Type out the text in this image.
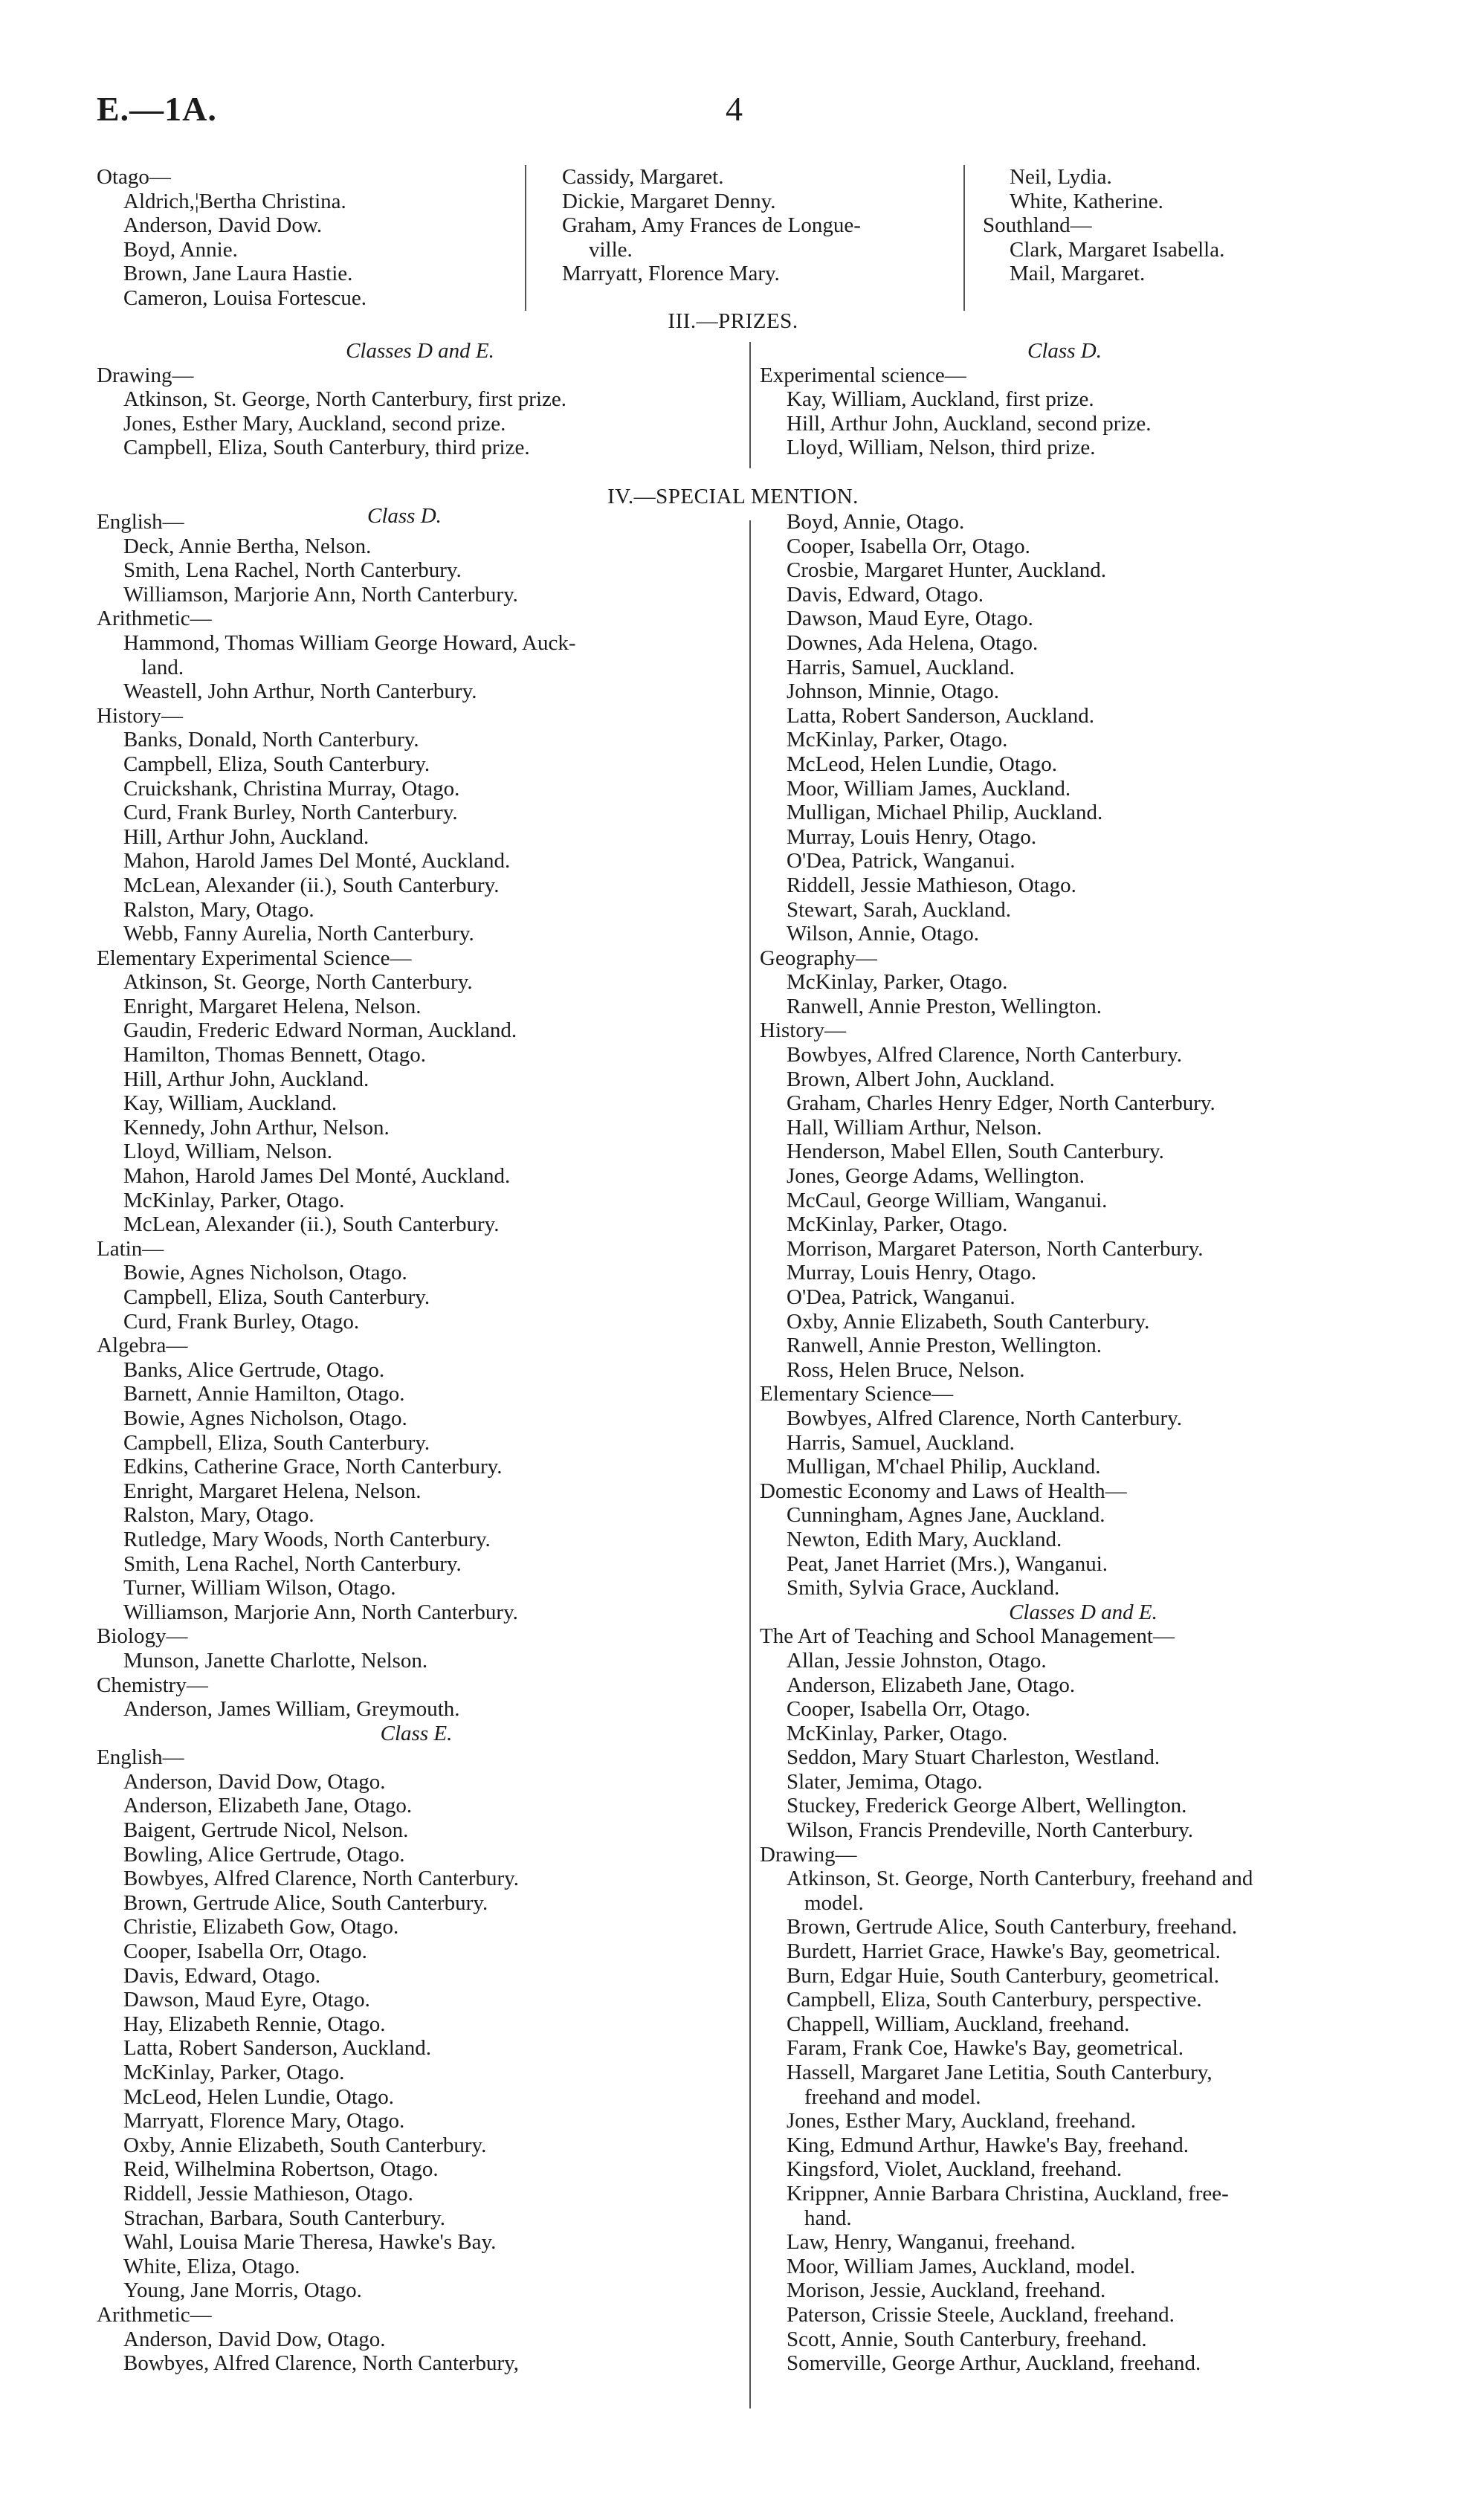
E.—1A.	4
Otago—
Aldrich,¦Bertha Christina.
Anderson, David Dow.
Boyd, Annie.
Brown, Jane Laura Hastie.
Cameron, Louisa Fortescue.
Cassidy, Margaret.
Dickie, Margaret Denny.
Graham, Amy Frances de Longue-
ville.
Marryatt, Florence Mary.
Neil, Lydia.
White, Katherine.
Southland—
Clark, Margaret Isabella.
Mail, Margaret.
III.—PRIZES.
Classes D and E.
Drawing—
Atkinson, St. George, North Canterbury, first prize.
Jones, Esther Mary, Auckland, second prize.
Campbell, Eliza, South Canterbury, third prize.
Class D.
Experimental science—
Kay, William, Auckland, first prize.
Hill, Arthur John, Auckland, second prize.
Lloyd, William, Nelson, third prize.
IV.—SPECIAL MENTION.
English—	Class D.
Deck, Annie Bertha, Nelson.
Smith, Lena Rachel, North Canterbury.
Williamson, Marjorie Ann, North Canterbury.
Arithmetic—
Hammond, Thomas William George Howard, Auck-
land.
Weastell, John Arthur, North Canterbury.
History—
Banks, Donald, North Canterbury.
Campbell, Eliza, South Canterbury.
Cruickshank, Christina Murray, Otago.
Curd, Frank Burley, North Canterbury.
Hill, Arthur John, Auckland.
Mahon, Harold James Del Monté, Auckland.
McLean, Alexander (ii.), South Canterbury.
Ralston, Mary, Otago.
Webb, Fanny Aurelia, North Canterbury.
Elementary Experimental Science—
Atkinson, St. George, North Canterbury.
Enright, Margaret Helena, Nelson.
Gaudin, Frederic Edward Norman, Auckland.
Hamilton, Thomas Bennett, Otago.
Hill, Arthur John, Auckland.
Kay, William, Auckland.
Kennedy, John Arthur, Nelson.
Lloyd, William, Nelson.
Mahon, Harold James Del Monté, Auckland.
McKinlay, Parker, Otago.
McLean, Alexander (ii.), South Canterbury.
Latin—
Bowie, Agnes Nicholson, Otago.
Campbell, Eliza, South Canterbury.
Curd, Frank Burley, Otago.
Algebra—
Banks, Alice Gertrude, Otago.
Barnett, Annie Hamilton, Otago.
Bowie, Agnes Nicholson, Otago.
Campbell, Eliza, South Canterbury.
Edkins, Catherine Grace, North Canterbury.
Enright, Margaret Helena, Nelson.
Ralston, Mary, Otago.
Rutledge, Mary Woods, North Canterbury.
Smith, Lena Rachel, North Canterbury.
Turner, William Wilson, Otago.
Williamson, Marjorie Ann, North Canterbury.
Biology—
Munson, Janette Charlotte, Nelson.
Chemistry—
Anderson, James William, Greymouth.
Class E.
English—
Anderson, David Dow, Otago.
Anderson, Elizabeth Jane, Otago.
Baigent, Gertrude Nicol, Nelson.
Bowling, Alice Gertrude, Otago.
Bowbyes, Alfred Clarence, North Canterbury.
Brown, Gertrude Alice, South Canterbury.
Christie, Elizabeth Gow, Otago.
Cooper, Isabella Orr, Otago.
Davis, Edward, Otago.
Dawson, Maud Eyre, Otago.
Hay, Elizabeth Rennie, Otago.
Latta, Robert Sanderson, Auckland.
McKinlay, Parker, Otago.
McLeod, Helen Lundie, Otago.
Marryatt, Florence Mary, Otago.
Oxby, Annie Elizabeth, South Canterbury.
Reid, Wilhelmina Robertson, Otago.
Riddell, Jessie Mathieson, Otago.
Strachan, Barbara, South Canterbury.
Wahl, Louisa Marie Theresa, Hawke's Bay.
White, Eliza, Otago.
Young, Jane Morris, Otago.
Arithmetic—
Anderson, David Dow, Otago.
Bowbyes, Alfred Clarence, North Canterbury,
Boyd, Annie, Otago.
Cooper, Isabella Orr, Otago.
Crosbie, Margaret Hunter, Auckland.
Davis, Edward, Otago.
Dawson, Maud Eyre, Otago.
Downes, Ada Helena, Otago.
Harris, Samuel, Auckland.
Johnson, Minnie, Otago.
Latta, Robert Sanderson, Auckland.
McKinlay, Parker, Otago.
McLeod, Helen Lundie, Otago.
Moor, William James, Auckland.
Mulligan, Michael Philip, Auckland.
Murray, Louis Henry, Otago.
O'Dea, Patrick, Wanganui.
Riddell, Jessie Mathieson, Otago.
Stewart, Sarah, Auckland.
Wilson, Annie, Otago.
Geography—
McKinlay, Parker, Otago.
Ranwell, Annie Preston, Wellington.
History—
Bowbyes, Alfred Clarence, North Canterbury.
Brown, Albert John, Auckland.
Graham, Charles Henry Edger, North Canterbury.
Hall, William Arthur, Nelson.
Henderson, Mabel Ellen, South Canterbury.
Jones, George Adams, Wellington.
McCaul, George William, Wanganui.
McKinlay, Parker, Otago.
Morrison, Margaret Paterson, North Canterbury.
Murray, Louis Henry, Otago.
O'Dea, Patrick, Wanganui.
Oxby, Annie Elizabeth, South Canterbury.
Ranwell, Annie Preston, Wellington.
Ross, Helen Bruce, Nelson.
Elementary Science—
Bowbyes, Alfred Clarence, North Canterbury.
Harris, Samuel, Auckland.
Mulligan, M'chael Philip, Auckland.
Domestic Economy and Laws of Health—
Cunningham, Agnes Jane, Auckland.
Newton, Edith Mary, Auckland.
Peat, Janet Harriet (Mrs.), Wanganui.
Smith, Sylvia Grace, Auckland.
Classes D and E.
The Art of Teaching and School Management—
Allan, Jessie Johnston, Otago.
Anderson, Elizabeth Jane, Otago.
Cooper, Isabella Orr, Otago.
McKinlay, Parker, Otago.
Seddon, Mary Stuart Charleston, Westland.
Slater, Jemima, Otago.
Stuckey, Frederick George Albert, Wellington.
Wilson, Francis Prendeville, North Canterbury.
Drawing—
Atkinson, St. George, North Canterbury, freehand and
model.
Brown, Gertrude Alice, South Canterbury, freehand.
Burdett, Harriet Grace, Hawke's Bay, geometrical.
Burn, Edgar Huie, South Canterbury, geometrical.
Campbell, Eliza, South Canterbury, perspective.
Chappell, William, Auckland, freehand.
Faram, Frank Coe, Hawke's Bay, geometrical.
Hassell, Margaret Jane Letitia, South Canterbury,
freehand and model.
Jones, Esther Mary, Auckland, freehand.
King, Edmund Arthur, Hawke's Bay, freehand.
Kingsford, Violet, Auckland, freehand.
Krippner, Annie Barbara Christina, Auckland, free-
hand.
Law, Henry, Wanganui, freehand.
Moor, William James, Auckland, model.
Morison, Jessie, Auckland, freehand.
Paterson, Crissie Steele, Auckland, freehand.
Scott, Annie, South Canterbury, freehand.
Somerville, George Arthur, Auckland, freehand.
